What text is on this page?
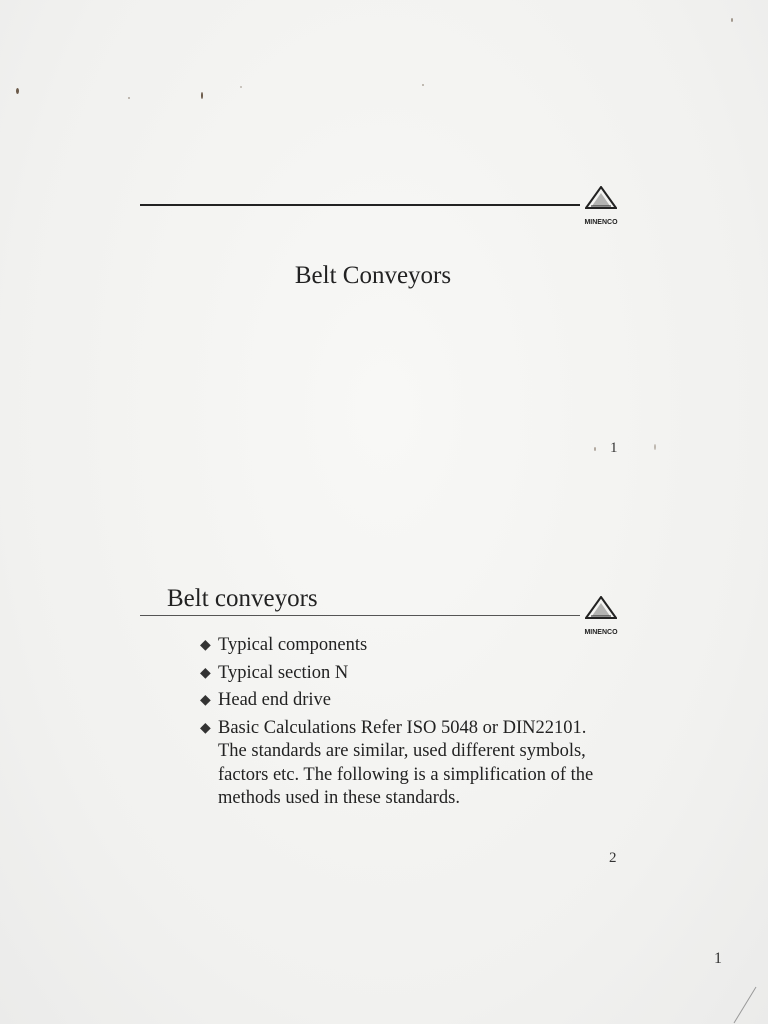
MINENCO
Belt Conveyors
1
Belt conveyors
MINENCO
◆ Typical components
◆ Typical section N
◆ Head end drive
◆ Basic Calculations Refer ISO 5048 or DIN22101. The standards are similar, used different symbols, factors etc. The following is a simplification of the methods used in these standards.
2
1
